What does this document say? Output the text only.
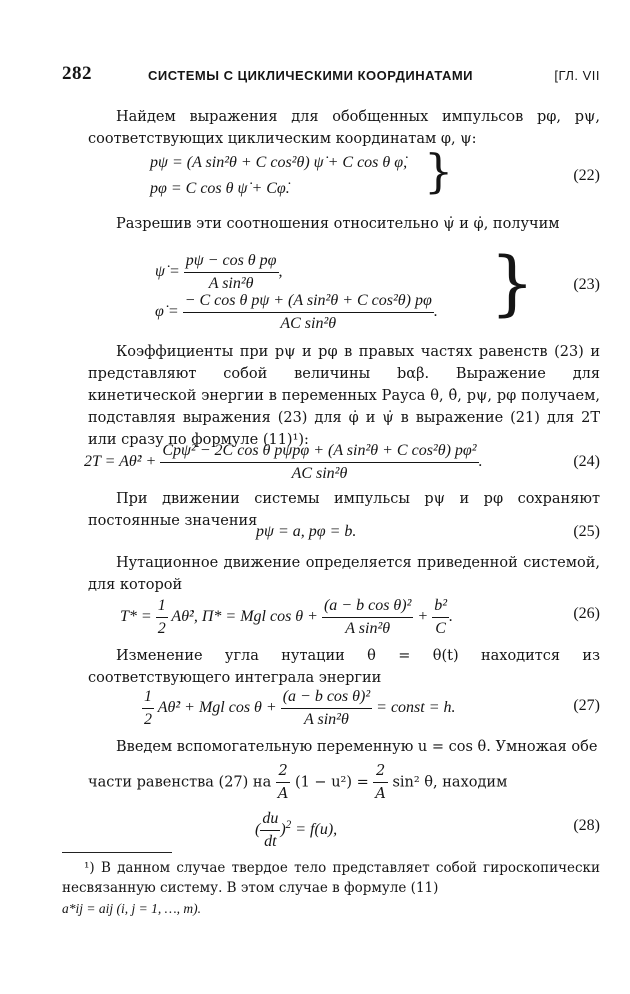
282	СИСТЕМЫ С ЦИКЛИЧЕСКИМИ КООРДИНАТАМИ	[ГЛ. VII
Найдем выражения для обобщенных импульсов pφ, pψ, соответствующих циклическим координатам φ, ψ:
pψ = (A sin²θ + C cos²θ) ψ̇ + C cos θ φ̇,
pφ = C cos θ ψ̇ + Cφ̇.	}	(22)
Разрешив эти соотношения относительно ψ̇ и φ̇, получим
ψ̇ = $\frac{\text{pψ − cos θ pφ}}{\text{A sin²θ}}$ ,
φ̇ = $\frac{\text{− C cos θ pψ + (A sin²θ + C cos²θ) pφ}}{\text{AC sin²θ}}$ . } (23)
Коэффициенты при pψ и pφ в правых частях равенств (23) и представляют собой величины bαβ. Выражение для кинетической энергии в переменных Рауса θ, θ̇, pψ, pφ получаем, подставляя выражения (23) для φ̇ и ψ̇ в выражение (21) для 2T или сразу по формуле (11)¹):
2T = Aθ̇² + $\frac{\text{Cpψ² − 2C cos θ pψpφ + (A sin²θ + C cos²θ) pφ²}}{\text{AC sin²θ}}$ .	(24)
При движении системы импульсы pψ и pφ сохраняют постоянные значения
pψ = a, pφ = b.	(25)
Нутационное движение определяется приведенной системой, для которой
$T* = \frac{1}{2}$ Aθ̇², Π* = Mgl $\cos \theta + \frac{\text{(a − b cos θ)²}}{\text{A sin²θ}} + \frac{\text{b²}}{C}$ .	(26)
Изменение угла нутации θ = θ(t) находится из соответствующего интеграла энергии
$\frac{1}{2}$ Aθ̇² + Mgl $\cos \theta + \frac{\text{(a − b cos θ)²}}{\text{A sin²θ}}$ = const = h.	(27)
Введем вспомогательную переменную u = cos θ. Умножая обе
части равенства (27) на $\frac{2}{A} (1 - u^2) = \frac{2}{A} \sin^2$ θ, находим
( $\frac{du}{dt} )^2 = f(u)$,	(28)
¹) В данном случае твердое тело представляет собой гироскопически несвязанную систему. В этом случае в формуле (11)
a*ij = aij (i, j = 1, …, m).
